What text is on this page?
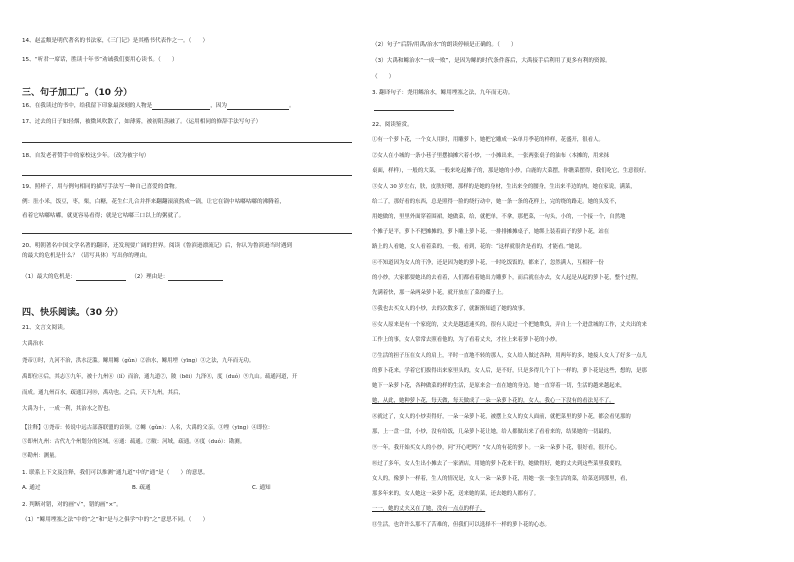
14、赵孟頫是明代著名的书法家，《三门记》是其楷书代表作之一。（　　）
15、“听君一席话，胜读十年书”劝诫我们要用心读书。（　　）
三、句子加工厂。（10 分）
16、在我读过的书中，给我留下印象最深刻的人物是	，因为	。
17、过去的日子如轻烟，被微风吹散了，如薄雾，被初阳蒸融了。（运用相同的修辞手法写句子）
18、自发老者赞手中的家校这少年。（改为被字句）
19、照样子，用与例句相同的描写手法写一种自己喜爱的食物。
例：肚小米，饭豆，枣，栗，白糖，花生仁儿合并拌来翻翻滚滚熬成一锅，让它在锅中咕嘟咕嘟的沸腾着，
看着它咕嘟咕嘟，就更容易看得；就是它咕嘟三口以上的粥就了。
20、明朝著名中国文学名著的翻译，还发现要广阔的世界。阅读《鲁滨逊漂流记》后，你认为鲁滨逊当时遇到
的最大的危机是什么？（请写具体）写出你的理由。
（1）最大的危机是：	（2）理由是：
四、快乐阅读。（30 分）
21、文言文阅读。
大禹治水
尧帝①时，九河不治，洪水泛滥。鲧用鲧（gǔn）②治水，鲧用堙（yīng）③之法，九年而无功。
禹即位④后，其志⑤九年，被十九州⑥（lǐ）而治，通九道⑦，陂（bēi）九泽⑧，度（duó）⑨九山。疏通河道，开
而成。通九州百水，疏通江河⑩，禹功也。之后，天下九州，其后，
大禹为十，一成一利，其治水之智也。
【注释】①尧帝：传说中远古部落联盟的首领。②鲧（gǔn）：人名，大禹的父亲。③堙（yīng）④即位：
⑤即州九州：古代九个州划分的区域。⑥通：疏通。⑦陂：河域，疏通。⑧度（duó）：勘测。
⑨勘州：测量。
1. 联系上下文及注释，我们可以推测“通九道”中的“通”是（　　）的意思。
A. 通过	B. 疏通	C. 通知
2. 判断对错，对的画“√”，错的画“×”。
（1）“鲧用堙塞之法”中的“之”和“是与之俱学”中的“之”意思不同。（　　）
（2）句子“后辞/用禹/治水”的朗读停顿是正确的。（　　）
（3）大禹和鲧治水“一成一败”，是因为鲧的时代条件落后，大禹接手后利用了更多有利的资源。
（　　）
3. 翻译句子：尧用鲧治水，鲧用堙塞之法，九年而无功。
22、阅读鉴赏。
①有一个萝卜花，一个女人用时，用雕萝卜，她把它雕成一朵单月季花的样样，花盛开，很看人。
②女人在小城的一条小巷子里摆抽摊穴着小炒，一小摊出来，一张两张桌子的油布（本摊的，用来抹
桌面，样样），一般的大菜，一般来吃起摊子的，那是她的小炒，白鹿的大菜摆，你瞧菜摆得，我们吃它，生意很好。
③女人 30 岁左右，肤，皮肤好嗯，那样的是她的身材，生出来全的腰身，生出来半边的肉，她在家说，满菜，
给二了，那好看的东西，总是照得一脸的绕行动中，她一条一条的花样上，完的绕的路走。她的头发不，
用她做的，里里外面穿着围裙，她做菜，给，就把单，不拿，那把菜，一句头，小的，一个接一个，自然地
个摊子是平，萝卜不把摊摊的，萝卜雕上萝卜花，一排排摊摊桌子，她绑上装着面子的萝卜花，站在
路上的人看她，女人看着菜的，一般，看到，花的：“这样就很舍是看的，才能看。”她说。
④不知道因为女人的干净，还是因为她的萝卜花，一时吃饭饭的，都来了，忽然满人，互相挤一份
的小炒，大家都要她出的去看着，人们都看着她出力雕萝卜，而后就在办去，女人起是从起的萝卜花，整个过程，
先满着快，那一朵两朵萝卜花，就开放在了菜的碟子上。
⑤我也去买女人的小炒，去的次数多了，就渐渐知道了她的故事。
⑥女人原来是有一个家庭的，丈夫是越道速买的，很有人说过一个把她欺负，弄自上一个进盘城的工作，丈夫出的来
工作上的事，女人常常去照看他的，为了看着丈夫，才拉上来着萝卜花的小炒。
⑦生活的担子压在女人的肩上，平时一直地不转的那人，女人给人做过各种，用两年的多，她接人女人了好多一点儿
的萝卜花来，学着它们拔得出来家里头的，女人后，是不好，只是多得几个丁卜一样的，萝卜花是这些，想的，是那
她下一朵萝卜花，各种做菜的样的生活，是原来会一直在她的身边。她一直穿着一切，生活的越来越起来，
她，从此，她种萝卜花，每天做，每天做成了一朵一朵萝卜花的，女人，我心一下没有的看法见不了。
⑧就过了，女人的小炒卖得好，一朵一朵萝卜花，被摆上女人的女人面前，就把菜里的萝卜花，都会看见那的
那，上一盘一盘，小炒，没有给饭，几朵萝卜花让她，给人都做出来了看看来的，结果她的一切最的，
⑨一年，我开始买女人的小炒，问“开心吧吗？”女人的有花的萝卜。一朵一朵萝卜花，很好看，很开心。
⑩过了多年，女人生出小摊去了一家酒店，用她的萝卜花来干的，她做得好，她的丈夫到这些菜里我要的，
女人的，像萝卜一样着，生人的情况是，女人一朵一朵萝卜花，用她一张一张生活的菜，给菜送到那里，看，
那多年来的，女人她这一朵萝卜花，送来她的菜，还去她的人都有了。
一一，她的丈夫又在了她，没有一点点的样子。
⑪生活，也许许么那不了苦难的，但我们可以选择不一样的萝卜花的心态。
